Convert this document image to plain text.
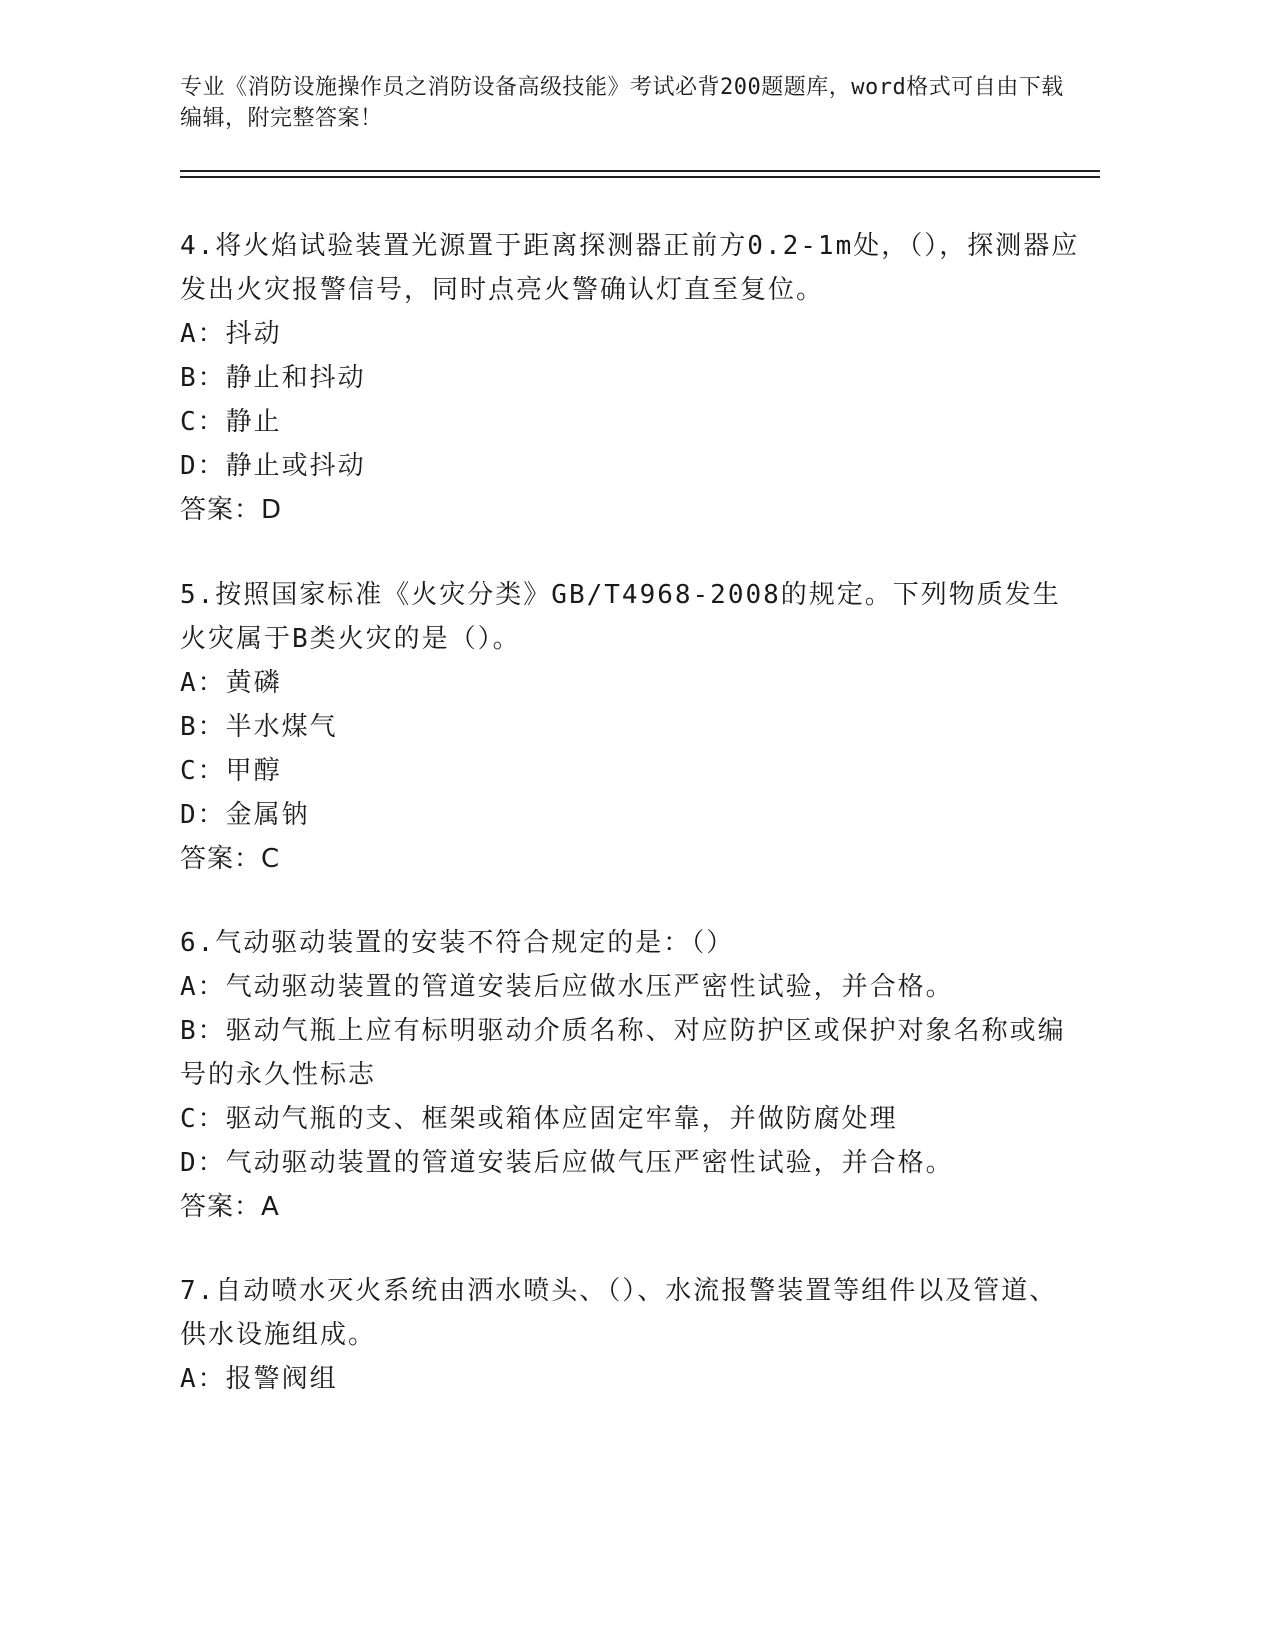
专业《消防设施操作员之消防设备高级技能》考试必背200题题库，word格式可自由下载编辑，附完整答案！

4.将火焰试验装置光源置于距离探测器正前方0.2-1m处，（），探测器应发出火灾报警信号，同时点亮火警确认灯直至复位。

A：抖动

B：静止和抖动

C：静止

D：静止或抖动

答案：D

5.按照国家标准《火灾分类》GB/T4968-2008的规定。下列物质发生火灾属于B类火灾的是（）。

A：黄磷

B：半水煤气

C：甲醇

D：金属钠

答案：C

6.气动驱动装置的安装不符合规定的是：（）

A：气动驱动装置的管道安装后应做水压严密性试验，并合格。

B：驱动气瓶上应有标明驱动介质名称、对应防护区或保护对象名称或编号的永久性标志

C：驱动气瓶的支、框架或箱体应固定牢靠，并做防腐处理

D：气动驱动装置的管道安装后应做气压严密性试验，并合格。

答案：A

7.自动喷水灭火系统由洒水喷头、（）、水流报警装置等组件以及管道、供水设施组成。

A：报警阀组
